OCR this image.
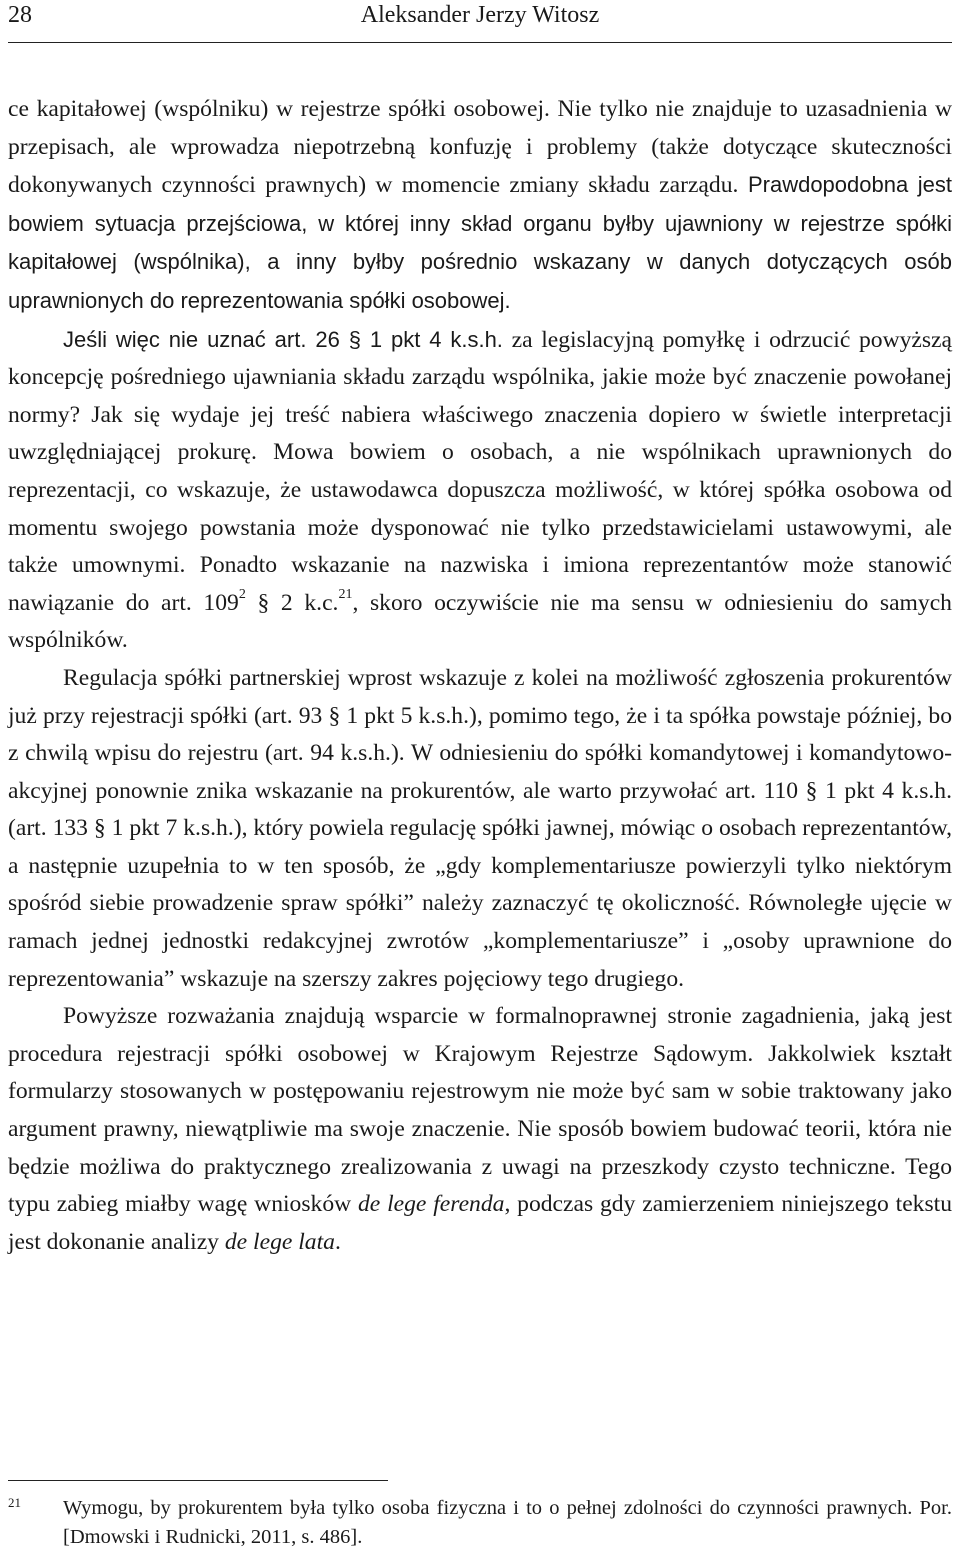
28	Aleksander Jerzy Witosz

ce kapitałowej (wspólniku) w rejestrze spółki osobowej. Nie tylko nie znajduje to uzasadnienia w przepisach, ale wprowadza niepotrzebną konfuzję i problemy (także dotyczące skuteczności dokonywanych czynności prawnych) w momencie zmiany składu zarządu. Prawdopodobna jest bowiem sytuacja przejściowa, w której inny skład organu byłby ujawniony w rejestrze spółki kapitałowej (wspólnika), a inny byłby pośrednio wskazany w danych dotyczących osób uprawnionych do reprezentowania spółki osobowej.

Jeśli więc nie uznać art. 26 § 1 pkt 4 k.s.h. za legislacyjną pomyłkę i odrzucić powyższą koncepcję pośredniego ujawniania składu zarządu wspólnika, jakie może być znaczenie powołanej normy? Jak się wydaje jej treść nabiera właściwego znaczenia dopiero w świetle interpretacji uwzględniającej prokurę. Mowa bowiem o osobach, a nie wspólnikach uprawnionych do reprezentacji, co wskazuje, że ustawodawca dopuszcza możliwość, w której spółka osobowa od momentu swojego powstania może dysponować nie tylko przedstawicielami ustawowymi, ale także umownymi. Ponadto wskazanie na nazwiska i imiona reprezentantów może stanowić nawiązanie do art. $109^2$ § 2 k.c.$^{21}$, skoro oczywiście nie ma sensu w odniesieniu do samych wspólników.

Regulacja spółki partnerskiej wprost wskazuje z kolei na możliwość zgłoszenia prokurentów już przy rejestracji spółki (art. 93 § 1 pkt 5 k.s.h.), pomimo tego, że i ta spółka powstaje później, bo z chwilą wpisu do rejestru (art. 94 k.s.h.). W odniesieniu do spółki komandytowej i komandytowo-akcyjnej ponownie znika wskazanie na prokurentów, ale warto przywołać art. 110 § 1 pkt 4 k.s.h. (art. 133 § 1 pkt 7 k.s.h.), który powiela regulację spółki jawnej, mówiąc o osobach reprezentantów, a następnie uzupełnia to w ten sposób, że „gdy komplementariusze powierzyli tylko niektórym spośród siebie prowadzenie spraw spółki” należy zaznaczyć tę okoliczność. Równoległe ujęcie w ramach jednej jednostki redakcyjnej zwrotów „komplementariusze” i „osoby uprawnione do reprezentowania” wskazuje na szerszy zakres pojęciowy tego drugiego.

Powyższe rozważania znajdują wsparcie w formalnoprawnej stronie zagadnienia, jaką jest procedura rejestracji spółki osobowej w Krajowym Rejestrze Sądowym. Jakkolwiek kształt formularzy stosowanych w postępowaniu rejestrowym nie może być sam w sobie traktowany jako argument prawny, niewątpliwie ma swoje znaczenie. Nie sposób bowiem budować teorii, która nie będzie możliwa do praktycznego zrealizowania z uwagi na przeszkody czysto techniczne. Tego typu zabieg miałby wagę wniosków de lege ferenda, podczas gdy zamierzeniem niniejszego tekstu jest dokonanie analizy de lege lata.

21 Wymogu, by prokurentem była tylko osoba fizyczna i to o pełnej zdolności do czynności prawnych. Por. [Dmowski i Rudnicki, 2011, s. 486].
